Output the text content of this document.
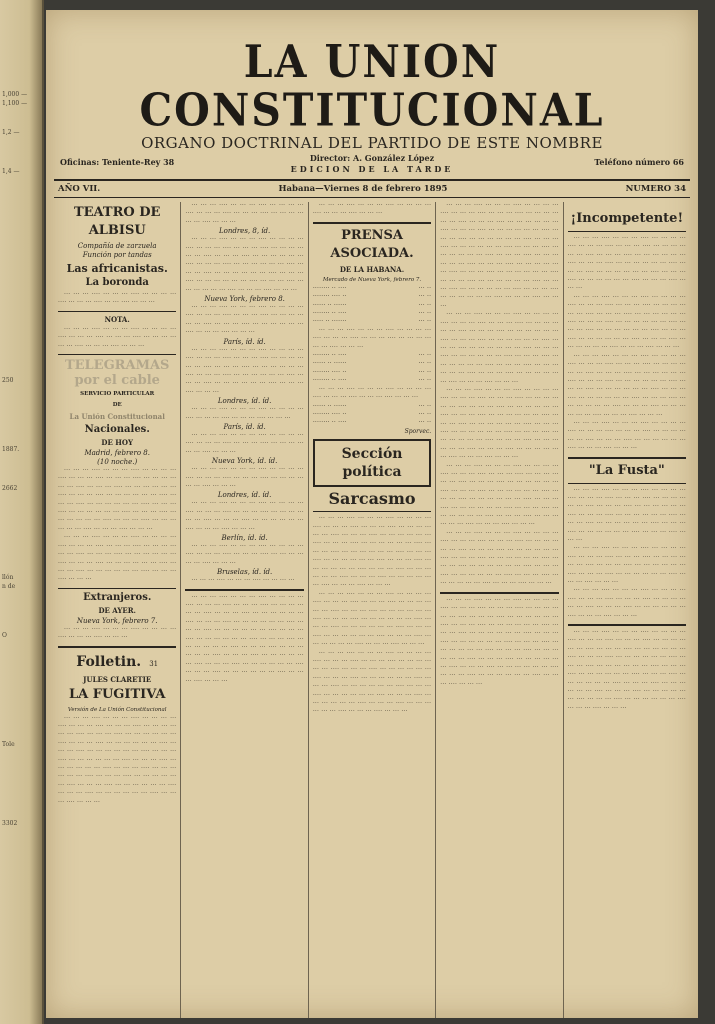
1,000 —
1,100 —
1,2 —
1,4 —
250
1887.
2662
llón
n de
O
Tole
3302
LA UNION CONSTITUCIONAL
ORGANO DOCTRINAL DEL PARTIDO DE ESTE NOMBRE
Oficinas: Teniente-Rey 38	Director: A. González López
EDICION DE LA TARDE
Teléfono número 66
AÑO VII.	Habana—Viernes 8 de febrero 1895	NUMERO 34
TEATRO DE ALBISU
Compañía de zarzuela
Función por tandas
Las africanistas.
La boronda
··· ··· ··· ···· ··· ··· ··· ···· ··· ··· ··· ··· ···· ··· ··· ··· ···· ··· ··· ···· ··· ··· ···
NOTA.
··· ··· ··· ···· ··· ··· ··· ···· ··· ··· ··· ··· ···· ··· ··· ··· ···· ··· ··· ··· ···· ··· ··· ··· ··· ··· ··· ···· ··· ··· ··· ···· ··· ··· ···
TELEGRAMAS
por el cable
SERVICIO PARTICULAR
DE
La Unión Constitucional
Nacionales.
DE HOY
Madrid, febrero 8.
(10 noche.)
··· ··· ··· ···· ··· ··· ··· ···· ··· ··· ··· ··· ···· ··· ··· ··· ···· ··· ··· ··· ···· ··· ··· ··· ··· ··· ··· ···· ··· ··· ··· ···· ··· ··· ··· ··· ··· ··· ···· ··· ··· ··· ···· ··· ··· ··· ··· ··· ··· ···· ··· ··· ··· ···· ··· ··· ··· ··· ··· ··· ···· ··· ··· ··· ···· ··· ··· ··· ··· ··· ··· ···· ··· ··· ··· ···· ··· ··· ··· ··· ··· ··· ···· ··· ··· ··· ···· ··· ··· ··· ··· ··· ··· ···· ··· ··· ··· ···· ··· ··· ···
··· ··· ··· ···· ··· ··· ··· ···· ··· ··· ··· ··· ···· ··· ··· ··· ···· ··· ··· ··· ···· ··· ··· ··· ··· ··· ··· ···· ··· ··· ··· ···· ··· ··· ··· ··· ··· ··· ···· ··· ··· ··· ···· ··· ··· ··· ··· ··· ··· ···· ··· ··· ··· ···· ··· ··· ··· ··· ··· ··· ···· ··· ··· ··· ···· ··· ··· ···
Extranjeros.
DE AYER.
Nueva York, febrero 7.
··· ··· ··· ···· ··· ··· ··· ···· ··· ··· ··· ··· ···· ··· ··· ··· ···· ··· ··· ···
Folletin. 31
JULES CLARETIE
LA FUGITIVA
Versión de La Unión Constitucional
··· ··· ··· ···· ··· ··· ··· ···· ··· ··· ··· ··· ···· ··· ··· ··· ···· ··· ··· ··· ···· ··· ··· ··· ··· ··· ··· ···· ··· ··· ··· ···· ··· ··· ··· ··· ··· ··· ···· ··· ··· ··· ···· ··· ··· ··· ··· ··· ··· ···· ··· ··· ··· ···· ··· ··· ··· ··· ··· ··· ···· ··· ··· ··· ···· ··· ··· ··· ··· ··· ··· ···· ··· ··· ··· ···· ··· ··· ··· ··· ··· ··· ···· ··· ··· ··· ···· ··· ··· ··· ··· ··· ··· ···· ··· ··· ··· ···· ··· ··· ··· ··· ··· ··· ···· ··· ··· ··· ···· ··· ··· ··· ··· ··· ··· ···· ··· ··· ··· ···· ··· ··· ··· ··· ··· ··· ···· ··· ··· ··· ···· ··· ··· ···
··· ··· ··· ···· ··· ··· ··· ···· ··· ··· ··· ··· ···· ··· ··· ··· ···· ··· ··· ··· ···· ··· ··· ··· ··· ··· ··· ···· ··· ··· ···
Londres, 8, íd.
··· ··· ··· ···· ··· ··· ··· ···· ··· ··· ··· ··· ···· ··· ··· ··· ···· ··· ··· ··· ···· ··· ··· ··· ··· ··· ··· ···· ··· ··· ··· ···· ··· ··· ··· ··· ··· ··· ···· ··· ··· ··· ···· ··· ··· ··· ··· ··· ··· ···· ··· ··· ··· ···· ··· ··· ··· ··· ··· ··· ···· ··· ··· ··· ···· ··· ··· ··· ··· ··· ··· ···· ··· ··· ··· ···· ··· ··· ··· ··· ··· ··· ···· ··· ··· ··· ···· ··· ··· ···
Nueva York, febrero 8.
··· ··· ··· ···· ··· ··· ··· ···· ··· ··· ··· ··· ···· ··· ··· ··· ···· ··· ··· ··· ···· ··· ··· ··· ··· ··· ··· ···· ··· ··· ··· ···· ··· ··· ··· ··· ··· ··· ···· ··· ··· ··· ···· ··· ··· ···
París, íd. íd.
··· ··· ··· ···· ··· ··· ··· ···· ··· ··· ··· ··· ···· ··· ··· ··· ···· ··· ··· ··· ···· ··· ··· ··· ··· ··· ··· ···· ··· ··· ··· ···· ··· ··· ··· ··· ··· ··· ···· ··· ··· ··· ···· ··· ··· ··· ··· ··· ··· ···· ··· ··· ··· ···· ··· ··· ··· ··· ··· ··· ···· ··· ··· ··· ···· ··· ··· ···
Londres, íd. íd.
··· ··· ··· ···· ··· ··· ··· ···· ··· ··· ··· ··· ···· ··· ··· ··· ···· ··· ··· ··· ···· ··· ··· ···
París, íd. íd.
··· ··· ··· ···· ··· ··· ··· ···· ··· ··· ··· ··· ···· ··· ··· ··· ···· ··· ··· ··· ···· ··· ··· ··· ··· ··· ··· ···· ··· ··· ···
Nueva York, íd. íd.
··· ··· ··· ···· ··· ··· ··· ···· ··· ··· ··· ··· ···· ··· ··· ··· ···· ··· ··· ··· ···· ··· ··· ··· ··· ··· ··· ···· ··· ··· ···
Londres, íd. íd.
··· ··· ··· ···· ··· ··· ··· ···· ··· ··· ··· ··· ···· ··· ··· ··· ···· ··· ··· ··· ···· ··· ··· ··· ··· ··· ··· ···· ··· ··· ··· ···· ··· ··· ··· ··· ··· ··· ···· ··· ··· ··· ···· ··· ··· ···
Berlín, íd. íd.
··· ··· ··· ···· ··· ··· ··· ···· ··· ··· ··· ··· ···· ··· ··· ··· ···· ··· ··· ··· ···· ··· ··· ··· ··· ··· ··· ···· ··· ··· ···
Bruselas, íd. íd.
··· ··· ··· ···· ··· ··· ··· ···· ··· ··· ··· ···
··· ··· ··· ···· ··· ··· ··· ···· ··· ··· ··· ··· ···· ··· ··· ··· ···· ··· ··· ··· ···· ··· ··· ··· ··· ··· ··· ···· ··· ··· ··· ···· ··· ··· ··· ··· ··· ··· ···· ··· ··· ··· ···· ··· ··· ··· ··· ··· ··· ···· ··· ··· ··· ···· ··· ··· ··· ··· ··· ··· ···· ··· ··· ··· ···· ··· ··· ··· ··· ··· ··· ···· ··· ··· ··· ···· ··· ··· ··· ··· ··· ··· ···· ··· ··· ··· ···· ··· ··· ··· ··· ··· ··· ···· ··· ··· ··· ···· ··· ··· ··· ··· ··· ··· ···· ··· ··· ··· ···· ··· ··· ··· ··· ··· ··· ···· ··· ··· ··· ···· ··· ··· ··· ··· ··· ··· ···· ··· ··· ··· ···· ··· ··· ···
··· ··· ··· ···· ··· ··· ··· ···· ··· ··· ··· ··· ···· ··· ··· ··· ···· ··· ··· ···
PRENSA ASOCIADA.
DE LA HABANA.
Mercado de Nueva York, febrero 7.
········ ·· ····	··· ··
········ ···· ··	··· ··
······ ·· ······	··· ··
········ ·· ····	··· ··
····· ·· ·······	··· ··
··· ··· ··· ···· ··· ··· ··· ···· ··· ··· ··· ··· ···· ··· ··· ··· ···· ··· ··· ··· ···· ··· ··· ··· ··· ··· ··· ···· ··· ··· ···
········ ·· ····	··· ··
······ ·· ······	··· ··
········ ···· ··	··· ··
········ ·· ····	··· ··
··· ··· ··· ···· ··· ··· ··· ···· ··· ··· ··· ··· ···· ··· ··· ··· ···· ··· ··· ··· ···· ··· ··· ···
······ ·· ······	··· ··
········ ···· ··	··· ··
········ ·· ····	··· ··
Sporvec.
Sección política
Sarcasmo
··· ··· ··· ···· ··· ··· ··· ···· ··· ··· ··· ··· ···· ··· ··· ··· ···· ··· ··· ··· ···· ··· ··· ··· ··· ··· ··· ···· ··· ··· ··· ···· ··· ··· ··· ··· ··· ··· ···· ··· ··· ··· ···· ··· ··· ··· ··· ··· ··· ···· ··· ··· ··· ···· ··· ··· ··· ··· ··· ··· ···· ··· ··· ··· ···· ··· ··· ··· ··· ··· ··· ···· ··· ··· ··· ···· ··· ··· ··· ··· ··· ··· ···· ··· ··· ··· ···· ··· ··· ··· ··· ··· ··· ···· ··· ··· ··· ···· ··· ··· ··· ··· ··· ··· ···· ··· ··· ··· ···· ··· ··· ···
··· ··· ··· ···· ··· ··· ··· ···· ··· ··· ··· ··· ···· ··· ··· ··· ···· ··· ··· ··· ···· ··· ··· ··· ··· ··· ··· ···· ··· ··· ··· ···· ··· ··· ··· ··· ··· ··· ···· ··· ··· ··· ···· ··· ··· ··· ··· ··· ··· ···· ··· ··· ··· ···· ··· ··· ··· ··· ··· ··· ···· ··· ··· ··· ···· ··· ··· ··· ··· ··· ··· ···· ··· ··· ··· ···· ··· ··· ··· ··· ··· ··· ···· ··· ··· ··· ···· ··· ··· ···
··· ··· ··· ···· ··· ··· ··· ···· ··· ··· ··· ··· ···· ··· ··· ··· ···· ··· ··· ··· ···· ··· ··· ··· ··· ··· ··· ···· ··· ··· ··· ···· ··· ··· ··· ··· ··· ··· ···· ··· ··· ··· ···· ··· ··· ··· ··· ··· ··· ···· ··· ··· ··· ···· ··· ··· ··· ··· ··· ··· ···· ··· ··· ··· ···· ··· ··· ··· ··· ··· ··· ···· ··· ··· ··· ···· ··· ··· ··· ··· ··· ··· ···· ··· ··· ··· ···· ··· ··· ··· ··· ··· ··· ···· ··· ··· ··· ···· ··· ··· ···
··· ··· ··· ···· ··· ··· ··· ···· ··· ··· ··· ··· ···· ··· ··· ··· ···· ··· ··· ··· ···· ··· ··· ··· ··· ··· ··· ···· ··· ··· ··· ···· ··· ··· ··· ··· ··· ··· ···· ··· ··· ··· ···· ··· ··· ··· ··· ··· ··· ···· ··· ··· ··· ···· ··· ··· ··· ··· ··· ··· ···· ··· ··· ··· ···· ··· ··· ··· ··· ··· ··· ···· ··· ··· ··· ···· ··· ··· ··· ··· ··· ··· ···· ··· ··· ··· ···· ··· ··· ··· ··· ··· ··· ···· ··· ··· ··· ···· ··· ··· ··· ··· ··· ··· ···· ··· ··· ··· ···· ··· ··· ··· ··· ··· ··· ···· ··· ··· ··· ···· ··· ··· ··· ··· ··· ··· ···· ··· ··· ··· ···· ··· ··· ··· ··· ··· ··· ···· ··· ··· ··· ···· ··· ··· ··· ··· ··· ··· ···· ··· ··· ··· ···· ··· ··· ···
··· ··· ··· ···· ··· ··· ··· ···· ··· ··· ··· ··· ···· ··· ··· ··· ···· ··· ··· ··· ···· ··· ··· ··· ··· ··· ··· ···· ··· ··· ··· ···· ··· ··· ··· ··· ··· ··· ···· ··· ··· ··· ···· ··· ··· ··· ··· ··· ··· ···· ··· ··· ··· ···· ··· ··· ··· ··· ··· ··· ···· ··· ··· ··· ···· ··· ··· ··· ··· ··· ··· ···· ··· ··· ··· ···· ··· ··· ··· ··· ··· ··· ···· ··· ··· ··· ···· ··· ··· ··· ··· ··· ··· ···· ··· ··· ··· ···· ··· ··· ··· ··· ··· ··· ···· ··· ··· ··· ···· ··· ··· ···
··· ··· ··· ···· ··· ··· ··· ···· ··· ··· ··· ··· ···· ··· ··· ··· ···· ··· ··· ··· ···· ··· ··· ··· ··· ··· ··· ···· ··· ··· ··· ···· ··· ··· ··· ··· ··· ··· ···· ··· ··· ··· ···· ··· ··· ··· ··· ··· ··· ···· ··· ··· ··· ···· ··· ··· ··· ··· ··· ··· ···· ··· ··· ··· ···· ··· ··· ··· ··· ··· ··· ···· ··· ··· ··· ···· ··· ··· ··· ··· ··· ··· ···· ··· ··· ··· ···· ··· ··· ··· ··· ··· ··· ···· ··· ··· ··· ···· ··· ··· ··· ··· ··· ··· ···· ··· ··· ··· ···· ··· ··· ···
··· ··· ··· ···· ··· ··· ··· ···· ··· ··· ··· ··· ···· ··· ··· ··· ···· ··· ··· ··· ···· ··· ··· ··· ··· ··· ··· ···· ··· ··· ··· ···· ··· ··· ··· ··· ··· ··· ···· ··· ··· ··· ···· ··· ··· ··· ··· ··· ··· ···· ··· ··· ··· ···· ··· ··· ··· ··· ··· ··· ···· ··· ··· ··· ···· ··· ··· ··· ··· ··· ··· ···· ··· ··· ··· ···· ··· ··· ··· ··· ··· ··· ···· ··· ··· ··· ···· ··· ··· ··· ··· ··· ··· ···· ··· ··· ··· ···· ··· ··· ···
··· ··· ··· ···· ··· ··· ··· ···· ··· ··· ··· ··· ···· ··· ··· ··· ···· ··· ··· ··· ···· ··· ··· ··· ··· ··· ··· ···· ··· ··· ··· ···· ··· ··· ··· ··· ··· ··· ···· ··· ··· ··· ···· ··· ··· ··· ··· ··· ··· ···· ··· ··· ··· ···· ··· ··· ··· ··· ··· ··· ···· ··· ··· ··· ···· ··· ··· ··· ··· ··· ··· ···· ··· ··· ··· ···· ··· ··· ··· ··· ··· ··· ···· ··· ··· ··· ···· ··· ··· ···
··· ··· ··· ···· ··· ··· ··· ···· ··· ··· ··· ··· ···· ··· ··· ··· ···· ··· ··· ··· ···· ··· ··· ··· ··· ··· ··· ···· ··· ··· ··· ···· ··· ··· ··· ··· ··· ··· ···· ··· ··· ··· ···· ··· ··· ··· ··· ··· ··· ···· ··· ··· ··· ···· ··· ··· ··· ··· ··· ··· ···· ··· ··· ··· ···· ··· ··· ··· ··· ··· ··· ···· ··· ··· ··· ···· ··· ··· ··· ··· ··· ··· ···· ··· ··· ··· ···· ··· ··· ··· ··· ··· ··· ···· ··· ··· ··· ···· ··· ··· ··· ··· ··· ··· ···· ··· ··· ··· ···· ··· ··· ··· ··· ··· ··· ···· ··· ··· ··· ···· ··· ··· ··· ··· ··· ··· ···· ··· ··· ··· ···· ··· ··· ···
¡Incompetente!
··· ··· ··· ···· ··· ··· ··· ···· ··· ··· ··· ··· ···· ··· ··· ··· ···· ··· ··· ··· ···· ··· ··· ··· ··· ··· ··· ···· ··· ··· ··· ···· ··· ··· ··· ··· ··· ··· ···· ··· ··· ··· ···· ··· ··· ··· ··· ··· ··· ···· ··· ··· ··· ···· ··· ··· ··· ··· ··· ··· ···· ··· ··· ··· ···· ··· ··· ··· ··· ··· ··· ···· ··· ··· ··· ···· ··· ··· ···
··· ··· ··· ···· ··· ··· ··· ···· ··· ··· ··· ··· ···· ··· ··· ··· ···· ··· ··· ··· ···· ··· ··· ··· ··· ··· ··· ···· ··· ··· ··· ···· ··· ··· ··· ··· ··· ··· ···· ··· ··· ··· ···· ··· ··· ··· ··· ··· ··· ···· ··· ··· ··· ···· ··· ··· ··· ··· ··· ··· ···· ··· ··· ··· ···· ··· ··· ··· ··· ··· ··· ···· ··· ··· ··· ···· ··· ··· ··· ··· ··· ··· ···· ··· ··· ··· ···· ··· ··· ···
··· ··· ··· ···· ··· ··· ··· ···· ··· ··· ··· ··· ···· ··· ··· ··· ···· ··· ··· ··· ···· ··· ··· ··· ··· ··· ··· ···· ··· ··· ··· ···· ··· ··· ··· ··· ··· ··· ···· ··· ··· ··· ···· ··· ··· ··· ··· ··· ··· ···· ··· ··· ··· ···· ··· ··· ··· ··· ··· ··· ···· ··· ··· ··· ···· ··· ··· ··· ··· ··· ··· ···· ··· ··· ··· ···· ··· ··· ··· ··· ··· ··· ···· ··· ··· ··· ···· ··· ··· ··· ··· ··· ··· ···· ··· ··· ··· ···· ··· ··· ···
··· ··· ··· ···· ··· ··· ··· ···· ··· ··· ··· ··· ···· ··· ··· ··· ···· ··· ··· ··· ···· ··· ··· ··· ··· ··· ··· ···· ··· ··· ··· ···· ··· ··· ··· ··· ··· ··· ···· ··· ··· ··· ···· ··· ··· ···
"La Fusta"
··· ··· ··· ···· ··· ··· ··· ···· ··· ··· ··· ··· ···· ··· ··· ··· ···· ··· ··· ··· ···· ··· ··· ··· ··· ··· ··· ···· ··· ··· ··· ···· ··· ··· ··· ··· ··· ··· ···· ··· ··· ··· ···· ··· ··· ··· ··· ··· ··· ···· ··· ··· ··· ···· ··· ··· ··· ··· ··· ··· ···· ··· ··· ··· ···· ··· ··· ··· ··· ··· ··· ···· ··· ··· ··· ···· ··· ··· ···
··· ··· ··· ···· ··· ··· ··· ···· ··· ··· ··· ··· ···· ··· ··· ··· ···· ··· ··· ··· ···· ··· ··· ··· ··· ··· ··· ···· ··· ··· ··· ···· ··· ··· ··· ··· ··· ··· ···· ··· ··· ··· ···· ··· ··· ··· ··· ··· ··· ···· ··· ··· ··· ···· ··· ··· ···
··· ··· ··· ···· ··· ··· ··· ···· ··· ··· ··· ··· ···· ··· ··· ··· ···· ··· ··· ··· ···· ··· ··· ··· ··· ··· ··· ···· ··· ··· ··· ···· ··· ··· ··· ··· ··· ··· ···· ··· ··· ··· ···· ··· ··· ···
··· ··· ··· ···· ··· ··· ··· ···· ··· ··· ··· ··· ···· ··· ··· ··· ···· ··· ··· ··· ···· ··· ··· ··· ··· ··· ··· ···· ··· ··· ··· ···· ··· ··· ··· ··· ··· ··· ···· ··· ··· ··· ···· ··· ··· ··· ··· ··· ··· ···· ··· ··· ··· ···· ··· ··· ··· ··· ··· ··· ···· ··· ··· ··· ···· ··· ··· ··· ··· ··· ··· ···· ··· ··· ··· ···· ··· ··· ··· ··· ··· ··· ···· ··· ··· ··· ···· ··· ··· ··· ··· ··· ··· ···· ··· ··· ··· ···· ··· ··· ··· ··· ··· ··· ···· ··· ··· ··· ···· ··· ··· ··· ··· ··· ··· ···· ··· ··· ··· ···· ··· ··· ···
